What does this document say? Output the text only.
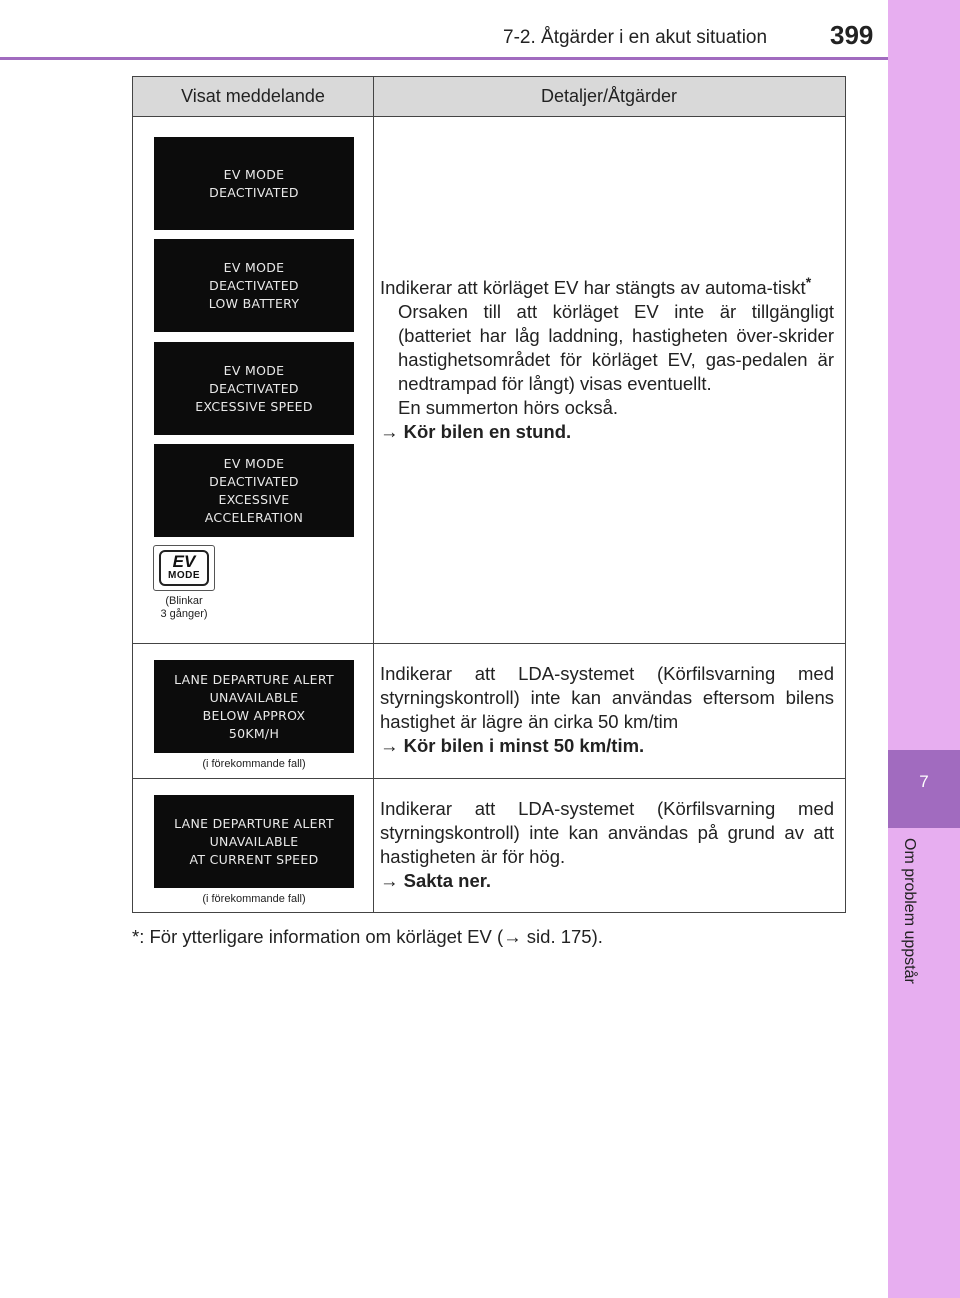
7
Om problem uppstår
7-2. Åtgärder i en akut situation 399
Visat meddelande	Detaljer/Åtgärder
EV MODE
DEACTIVATED
EV MODE
DEACTIVATED
LOW BATTERY
EV MODE
DEACTIVATED
EXCESSIVE SPEED
EV MODE
DEACTIVATED
EXCESSIVE
ACCELERATION
EV
MODE
(Blinkar
3 gånger)

Indikerar att körläget EV har stängts av automa-tiskt*

Orsaken till att körläget EV inte är tillgängligt (batteriet har låg laddning, hastigheten över-skrider hastighetsområdet för körläget EV, gas-pedalen är nedtrampad för långt) visas eventuellt.

En summerton hörs också.

→ Kör bilen en stund.

LANE DEPARTURE ALERT
UNAVAILABLE
BELOW APPROX
50KM/H
(i förekommande fall)

Indikerar att LDA-systemet (Körfilsvarning med styrningskontroll) inte kan användas eftersom bilens hastighet är lägre än cirka 50 km/tim

→ Kör bilen i minst 50 km/tim.

LANE DEPARTURE ALERT
UNAVAILABLE
AT CURRENT SPEED
(i förekommande fall)

Indikerar att LDA-systemet (Körfilsvarning med styrningskontroll) inte kan användas på grund av att hastigheten är för hög.

→ Sakta ner.

*: För ytterligare information om körläget EV (→ sid. 175).
